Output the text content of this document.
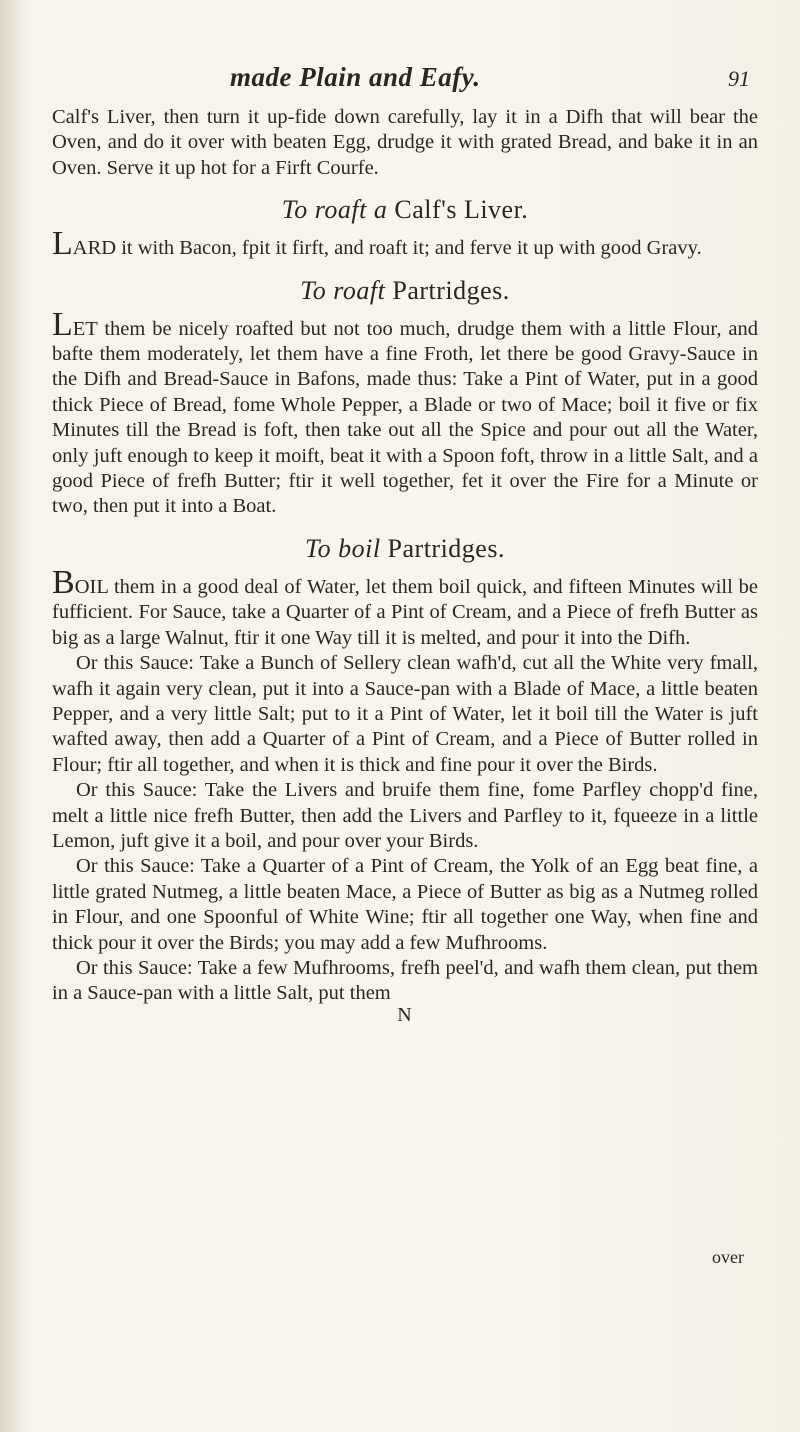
made Plain and Eafy.	91

Calf's Liver, then turn it up-fide down carefully, lay it in a Difh that will bear the Oven, and do it over with beaten Egg, drudge it with grated Bread, and bake it in an Oven. Serve it up hot for a Firft Courfe.

To roaft a Calf's Liver.

LARD it with Bacon, fpit it firft, and roaft it; and ferve it up with good Gravy.

To roaft Partridges.

LET them be nicely roafted but not too much, drudge them with a little Flour, and bafte them moderately, let them have a fine Froth, let there be good Gravy-Sauce in the Difh and Bread-Sauce in Bafons, made thus: Take a Pint of Water, put in a good thick Piece of Bread, fome Whole Pepper, a Blade or two of Mace; boil it five or fix Minutes till the Bread is foft, then take out all the Spice and pour out all the Water, only juft enough to keep it moift, beat it with a Spoon foft, throw in a little Salt, and a good Piece of frefh Butter; ftir it well together, fet it over the Fire for a Minute or two, then put it into a Boat.

To boil Partridges.

BOIL them in a good deal of Water, let them boil quick, and fifteen Minutes will be fufficient. For Sauce, take a Quarter of a Pint of Cream, and a Piece of frefh Butter as big as a large Walnut, ftir it one Way till it is melted, and pour it into the Difh.

Or this Sauce: Take a Bunch of Sellery clean wafh'd, cut all the White very fmall, wafh it again very clean, put it into a Sauce-pan with a Blade of Mace, a little beaten Pepper, and a very little Salt; put to it a Pint of Water, let it boil till the Water is juft wafted away, then add a Quarter of a Pint of Cream, and a Piece of Butter rolled in Flour; ftir all together, and when it is thick and fine pour it over the Birds.

Or this Sauce: Take the Livers and bruife them fine, fome Parfley chopp'd fine, melt a little nice frefh Butter, then add the Livers and Parfley to it, fqueeze in a little Lemon, juft give it a boil, and pour over your Birds.

Or this Sauce: Take a Quarter of a Pint of Cream, the Yolk of an Egg beat fine, a little grated Nutmeg, a little beaten Mace, a Piece of Butter as big as a Nutmeg rolled in Flour, and one Spoonful of White Wine; ftir all together one Way, when fine and thick pour it over the Birds; you may add a few Mufhrooms.

Or this Sauce: Take a few Mufhrooms, frefh peel'd, and wafh them clean, put them in a Sauce-pan with a little Salt, put them

N
over
